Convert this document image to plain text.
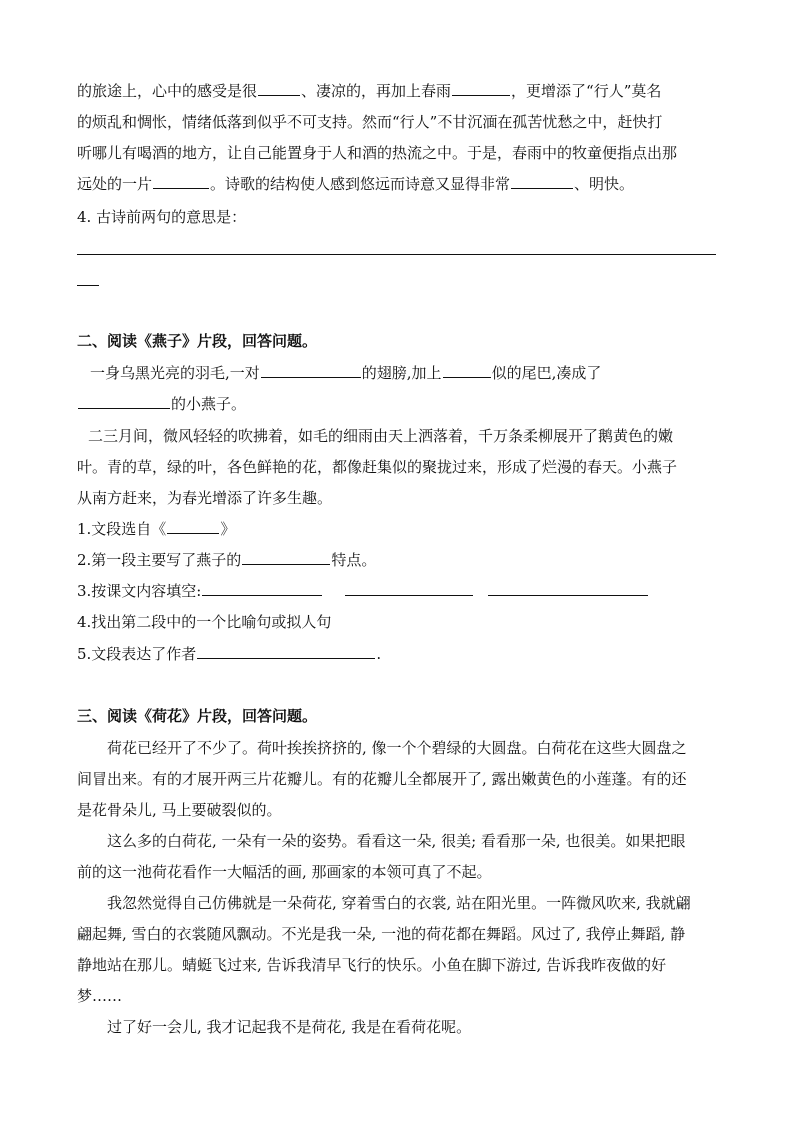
的旅途上，心中的感受是很	、凄凉的，再加上春雨	，更增添了“行人”莫名
的烦乱和惆怅，情绪低落到似乎不可支持。然而“行人”不甘沉湎在孤苦忧愁之中，赶快打
听哪儿有喝酒的地方，让自己能置身于人和酒的热流之中。于是，春雨中的牧童便指点出那
远处的一片	。诗歌的结构使人感到悠远而诗意又显得非常	、明快。
4. 古诗前两句的意思是：
二、阅读《燕子》片段，回答问题。
一身乌黑光亮的羽毛,一对	的翅膀,加上	似的尾巴,凑成了
的小燕子。
二三月间，微风轻轻的吹拂着，如毛的细雨由天上洒落着，千万条柔柳展开了鹅黄色的嫩
叶。青的草，绿的叶，各色鲜艳的花，都像赶集似的聚拢过来，形成了烂漫的春天。小燕子
从南方赶来，为春光增添了许多生趣。
1.文段选自《	》
2.第一段主要写了燕子的	特点。
3.按课文内容填空:
4.找出第二段中的一个比喻句或拟人句
5.文段表达了作者	.
三、阅读《荷花》片段，回答问题。
荷花已经开了不少了。荷叶挨挨挤挤的, 像一个个碧绿的大圆盘。白荷花在这些大圆盘之
间冒出来。有的才展开两三片花瓣儿。有的花瓣儿全都展开了, 露出嫩黄色的小莲蓬。有的还
是花骨朵儿, 马上要破裂似的。
这么多的白荷花, 一朵有一朵的姿势。看看这一朵, 很美; 看看那一朵, 也很美。如果把眼
前的这一池荷花看作一大幅活的画, 那画家的本领可真了不起。
我忽然觉得自己仿佛就是一朵荷花, 穿着雪白的衣裳, 站在阳光里。一阵微风吹来, 我就翩
翩起舞, 雪白的衣裳随风飘动。不光是我一朵, 一池的荷花都在舞蹈。风过了, 我停止舞蹈, 静
静地站在那儿。蜻蜓飞过来, 告诉我清早飞行的快乐。小鱼在脚下游过, 告诉我昨夜做的好
梦……
过了好一会儿, 我才记起我不是荷花, 我是在看荷花呢。
